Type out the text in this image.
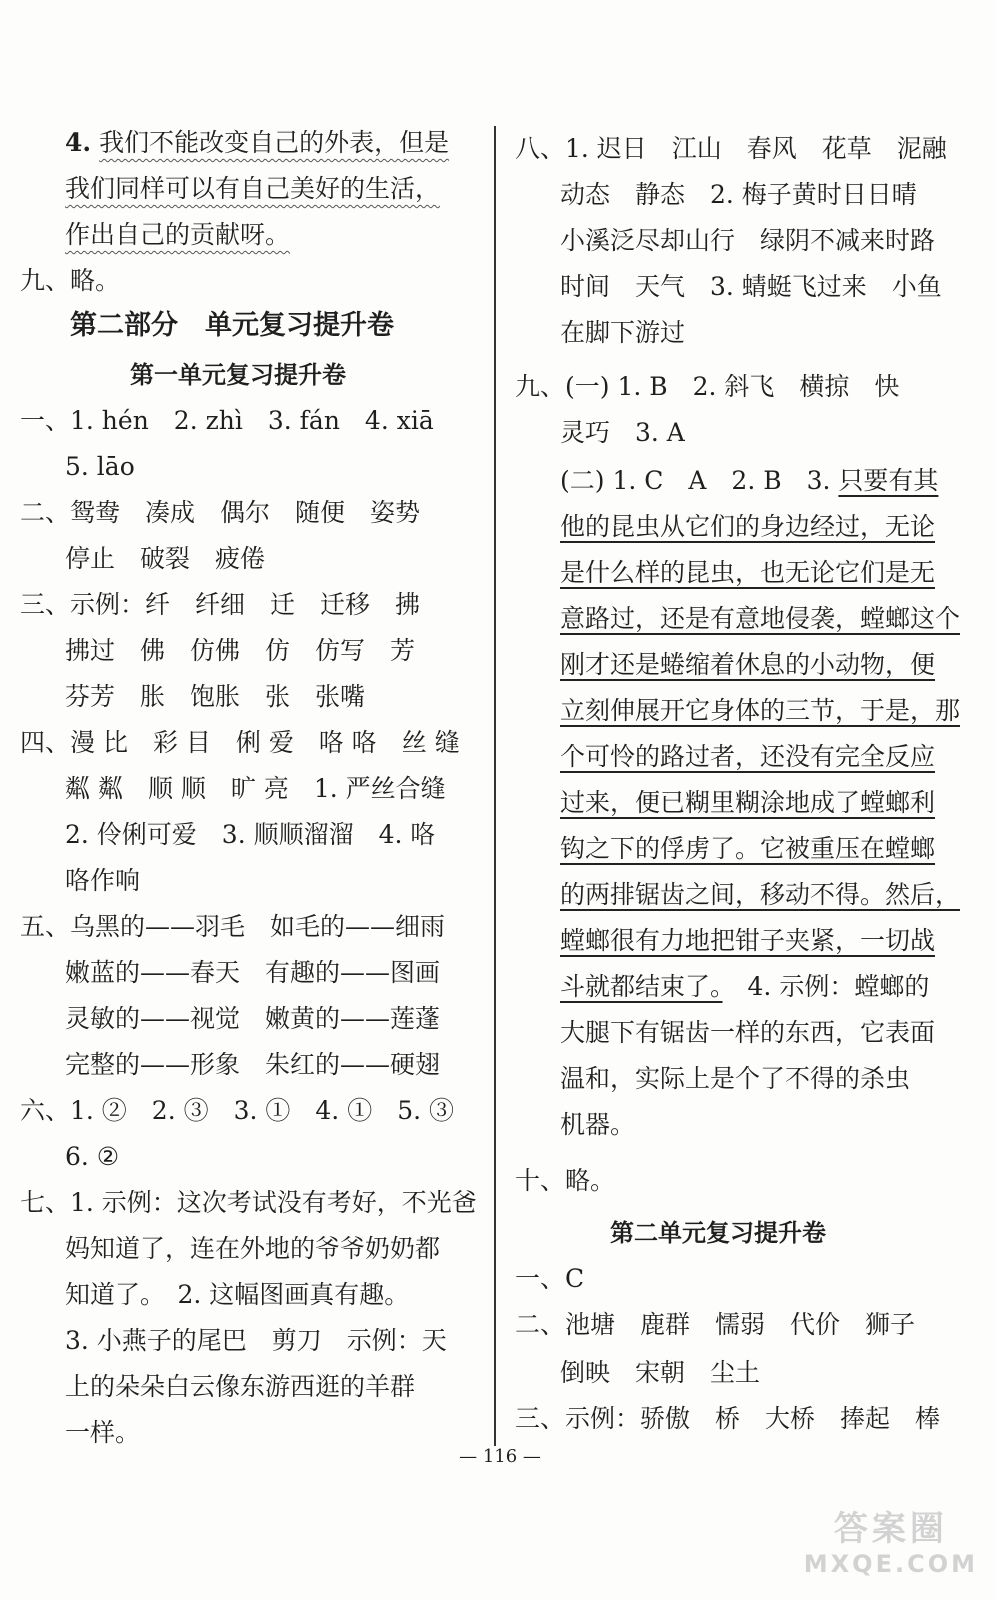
4. 我们不能改变自己的外表，但是
我们同样可以有自己美好的生活，
作出自己的贡献呀。
九、略。
第二部分　单元复习提升卷
第一单元复习提升卷
一、1. hén　2. zhì　3. fán　4. xiā
5. lāo
二、鸳鸯　凑成　偶尔　随便　姿势
停止　破裂　疲倦
三、示例：纤　纤细　迁　迁移　拂
拂过　佛　仿佛　仿　仿写　芳
芬芳　胀　饱胀　张　张嘴
四、漫 比　彩 目　俐 爱　咯 咯　丝 缝
粼 粼　顺 顺　旷 亮　1. 严丝合缝
2. 伶俐可爱　3. 顺顺溜溜　4. 咯
咯作响
五、乌黑的——羽毛　如毛的——细雨
嫩蓝的——春天　有趣的——图画
灵敏的——视觉　嫩黄的——莲蓬
完整的——形象　朱红的——硬翅
六、1. ②　2. ③　3. ①　4. ①　5. ③
6. ②
七、1. 示例：这次考试没有考好，不光爸
妈知道了，连在外地的爷爷奶奶都
知道了。　2. 这幅图画真有趣。
3. 小燕子的尾巴　剪刀　示例：天
上的朵朵白云像东游西逛的羊群
一样。
八、1. 迟日　江山　春风　花草　泥融
动态　静态　2. 梅子黄时日日晴
小溪泛尽却山行　绿阴不减来时路
时间　天气　3. 蜻蜓飞过来　小鱼
在脚下游过
九、(一) 1. B　2. 斜飞　横掠　快
灵巧　3. A
(二) 1. C　A　2. B　3. 只要有其
他的昆虫从它们的身边经过，无论
是什么样的昆虫，也无论它们是无
意路过，还是有意地侵袭，螳螂这个
刚才还是蜷缩着休息的小动物，便
立刻伸展开它身体的三节，于是，那
个可怜的路过者，还没有完全反应
过来，便已糊里糊涂地成了螳螂利
钩之下的俘虏了。它被重压在螳螂
的两排锯齿之间，移动不得。然后，
螳螂很有力地把钳子夹紧，一切战
斗就都结束了。　4. 示例：螳螂的
大腿下有锯齿一样的东西，它表面
温和，实际上是个了不得的杀虫
机器。
十、略。
第二单元复习提升卷
一、C
二、池塘　鹿群　懦弱　代价　狮子
倒映　宋朝　尘土
三、示例：骄傲　桥　大桥　捧起　棒
— 116 —
答案圈
MXQE.COM
